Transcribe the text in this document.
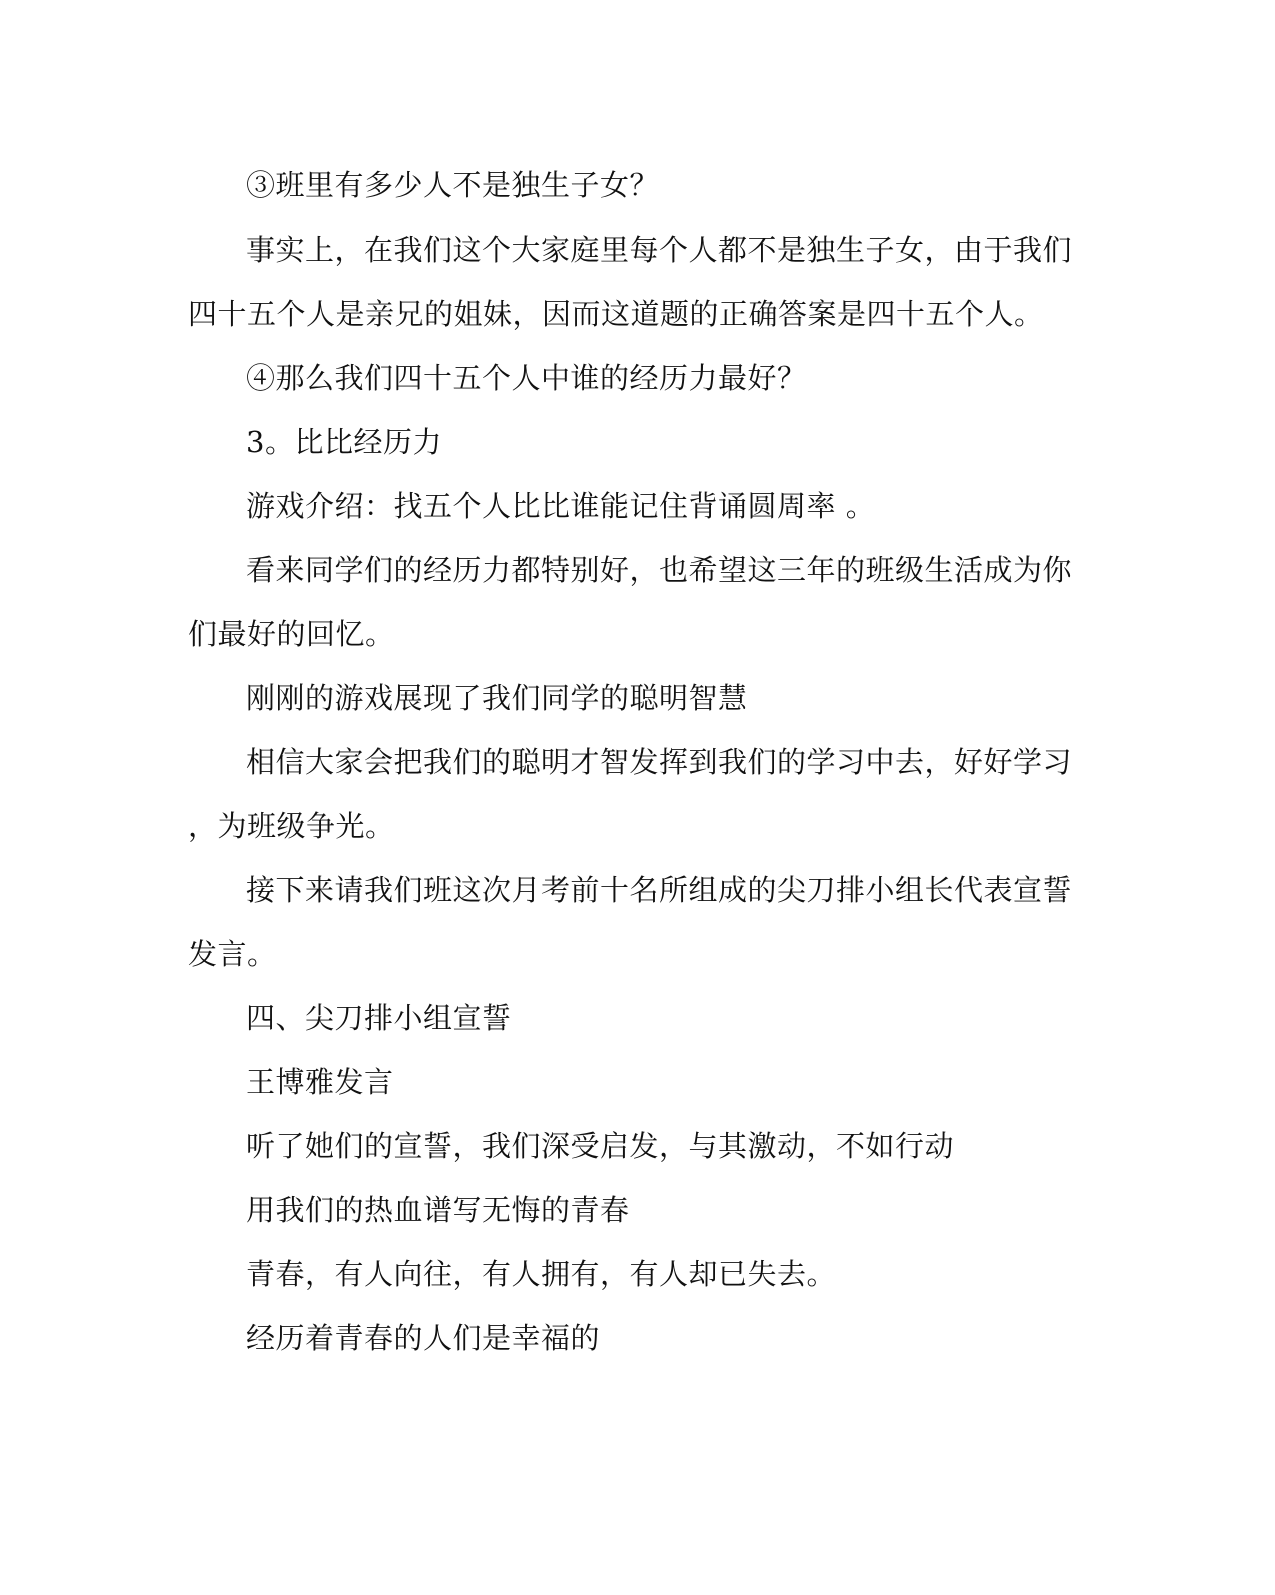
③班里有多少人不是独生子女？
事实上，在我们这个大家庭里每个人都不是独生子女，由于我们
四十五个人是亲兄的姐妹，因而这道题的正确答案是四十五个人。
④那么我们四十五个人中谁的经历力最好？
3。比比经历力
游戏介绍：找五个人比比谁能记住背诵圆周率 。
看来同学们的经历力都特别好，也希望这三年的班级生活成为你
们最好的回忆。
刚刚的游戏展现了我们同学的聪明智慧
相信大家会把我们的聪明才智发挥到我们的学习中去，好好学习
，为班级争光。
接下来请我们班这次月考前十名所组成的尖刀排小组长代表宣誓
发言。
四、尖刀排小组宣誓
王博雅发言
听了她们的宣誓，我们深受启发，与其激动，不如行动
用我们的热血谱写无悔的青春
青春，有人向往，有人拥有，有人却已失去。
经历着青春的人们是幸福的
